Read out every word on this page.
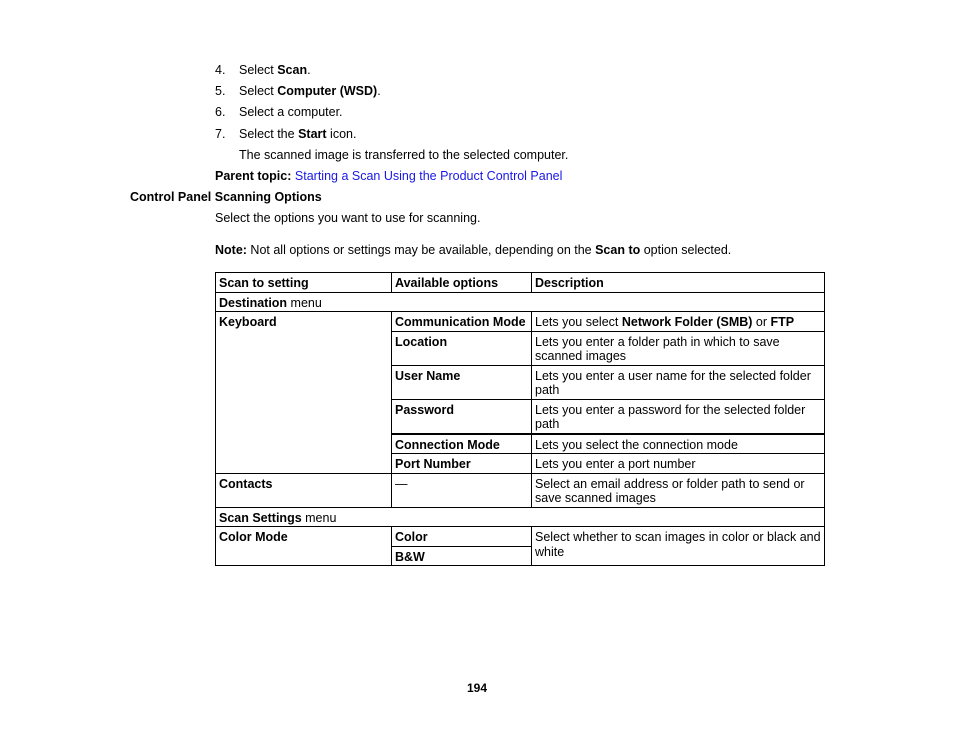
4. Select Scan.
5. Select Computer (WSD).
6. Select a computer.
7. Select the Start icon.
The scanned image is transferred to the selected computer.
Parent topic: Starting a Scan Using the Product Control Panel
Control Panel Scanning Options
Select the options you want to use for scanning.
Note: Not all options or settings may be available, depending on the Scan to option selected.
Scan to setting	Available options	Description
Destination menu		
Keyboard	Communication Mode	Lets you select Network Folder (SMB) or FTP
	Location	Lets you enter a folder path in which to save scanned images
	User Name	Lets you enter a user name for the selected folder path
	Password	Lets you enter a password for the selected folder path
	Connection Mode	Lets you select the connection mode
	Port Number	Lets you enter a port number
Contacts	—	Select an email address or folder path to send or save scanned images
Scan Settings menu		
Color Mode	Color	Select whether to scan images in color or black and white
	B&W	
194
